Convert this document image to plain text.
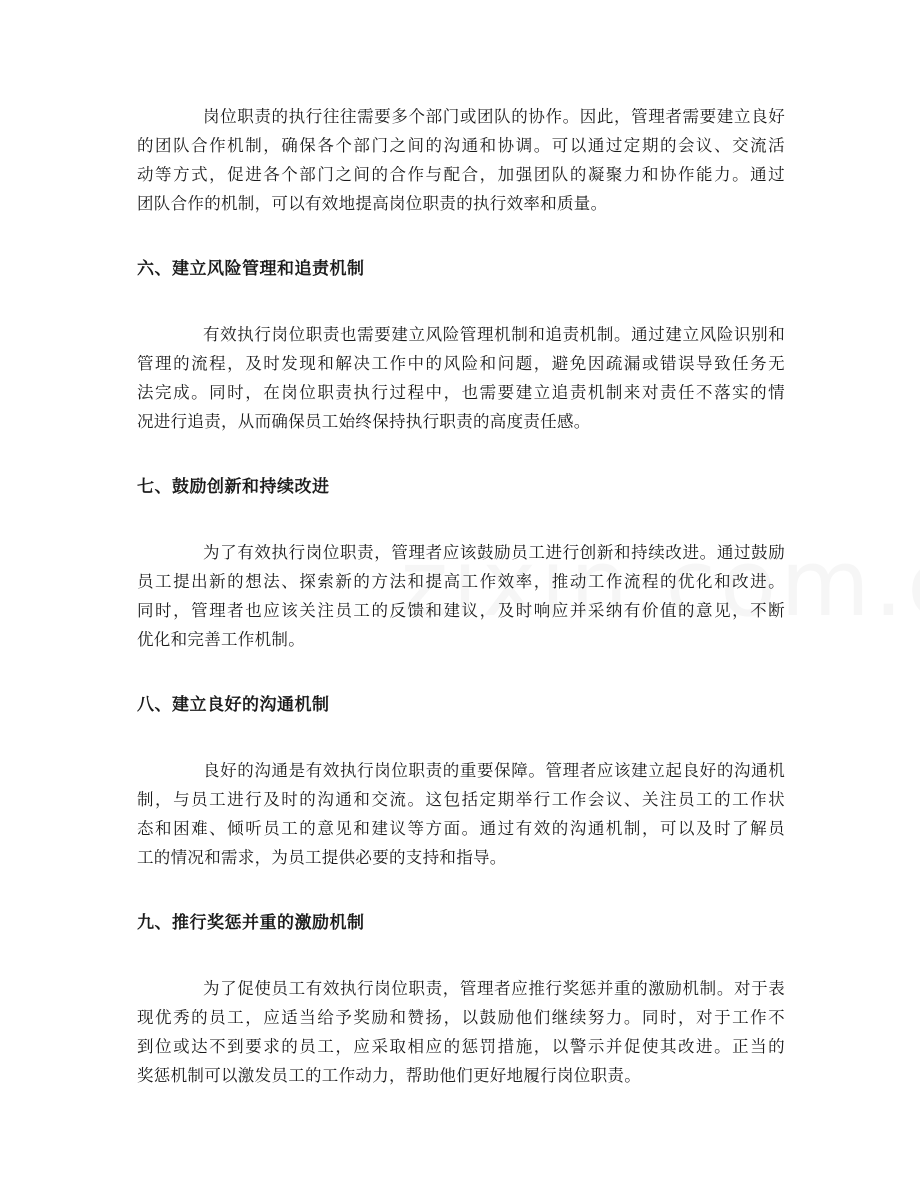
岗位职责的执行往往需要多个部门或团队的协作。因此，管理者需要建立良好
的团队合作机制，确保各个部门之间的沟通和协调。可以通过定期的会议、交流活
动等方式，促进各个部门之间的合作与配合，加强团队的凝聚力和协作能力。通过
团队合作的机制，可以有效地提高岗位职责的执行效率和质量。
六、建立风险管理和追责机制
有效执行岗位职责也需要建立风险管理机制和追责机制。通过建立风险识别和
管理的流程，及时发现和解决工作中的风险和问题，避免因疏漏或错误导致任务无
法完成。同时，在岗位职责执行过程中，也需要建立追责机制来对责任不落实的情
况进行追责，从而确保员工始终保持执行职责的高度责任感。
七、鼓励创新和持续改进
为了有效执行岗位职责，管理者应该鼓励员工进行创新和持续改进。通过鼓励
员工提出新的想法、探索新的方法和提高工作效率，推动工作流程的优化和改进。
同时，管理者也应该关注员工的反馈和建议，及时响应并采纳有价值的意见，不断
优化和完善工作机制。
八、建立良好的沟通机制
良好的沟通是有效执行岗位职责的重要保障。管理者应该建立起良好的沟通机
制，与员工进行及时的沟通和交流。这包括定期举行工作会议、关注员工的工作状
态和困难、倾听员工的意见和建议等方面。通过有效的沟通机制，可以及时了解员
工的情况和需求，为员工提供必要的支持和指导。
九、推行奖惩并重的激励机制
为了促使员工有效执行岗位职责，管理者应推行奖惩并重的激励机制。对于表
现优秀的员工，应适当给予奖励和赞扬，以鼓励他们继续努力。同时，对于工作不
到位或达不到要求的员工，应采取相应的惩罚措施，以警示并促使其改进。正当的
奖惩机制可以激发员工的工作动力，帮助他们更好地履行岗位职责。
